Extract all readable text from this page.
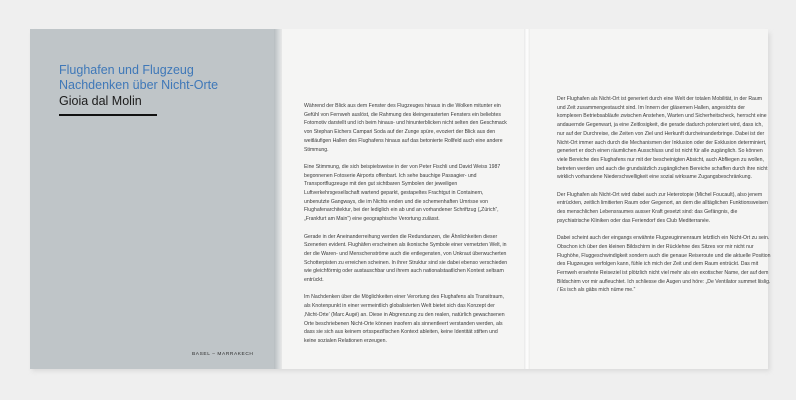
Flughafen und Flugzeug
Nachdenken über Nicht-Orte
Gioia dal Molin
BASEL – MARRAKECH

Während der Blick aus dem Fenster des Flugzeuges hinaus in die Wolken mitunter ein Gefühl von Fernweh auslöst, die Rahmung des kleingerasterten Fensters ein beliebtes Fotomotiv darstellt und ich beim hinaus- und hinunterblicken nicht selten den Geschmack von Stephan Eichers Campari Soda auf der Zunge spüre, evoziert der Blick aus den weitläufigen Hallen des Flughafens hinaus auf das betonierte Rollfeld auch eine andere Stimmung.

Eine Stimmung, die sich beispielsweise in der von Peter Fischli und David Weiss 1987 begonnenen Fotoserie Airports offenbart. Ich sehe bauchige Passagier- und Transportflugzeuge mit den gut sichtbaren Symbolen der jeweiligen Luftverkehrsgesellschaft wartend geparkt, gestapeltes Frachtgut in Containern, unbenutzte Gangways, die im Nichts enden und die schemenhaften Umrisse von Flughafenarchitektur, bei der lediglich ein ab und an vorhandener Schriftzug („Zürich“, „Frankfurt am Main“) eine geographische Verortung zulässt.

Gerade in der Aneinanderreihung werden die Redundanzen, die Ähnlichkeiten dieser Szenerien evident. Flughäfen erscheinen als ikonische Symbole einer vernetzten Welt, in der die Waren- und Menschenströme auch die entlegensten, von Unkraut überwucherten Schotterpisten zu erreichen scheinen. In ihrer Struktur sind sie dabei ebenso verschieden wie gleichförmig oder austauschbar und ihrem auch nationalstaatlichen Kontext seltsam entrückt.

Im Nachdenken über die Möglichkeiten einer Verortung des Flughafens als Transitraum, als Knotenpunkt in einer vermeintlich globalisierten Welt bietet sich das Konzept der ‚Nicht-Orte‘ (Marc Augé) an. Diese in Abgrenzung zu den realen, natürlich gewachsenen Orte beschriebenen Nicht-Orte können insofern als sinnentleert verstanden werden, als dass sie sich aus keinem ortsspezifischen Kontext ableiten, keine Identität stiften und keine sozialen Relationen erzeugen.

Der Flughafen als Nicht-Ort ist generiert durch eine Welt der totalen Mobilität, in der Raum und Zeit zusammengestaucht sind. Im Innern der gläsernen Hallen, angesichts der komplexen Betriebsabläufe zwischen Anstehen, Warten und Sicherheitscheck, herrscht eine andauernde Gegenwart, ja eine Zeitlosigkeit, die gerade dadurch potenziert wird, dass ich, nur auf der Durchreise, die Zeiten von Ziel und Herkunft durcheinanderbringe. Dabei ist der Nicht-Ort immer auch durch die Mechanismen der Inklusion oder der Exklusion determiniert, generiert er doch einen räumlichen Ausschluss und ist nicht für alle zugänglich. So können viele Bereiche des Flughafens nur mit der bescheinigten Absicht, auch Abfliegen zu wollen, betreten werden und auch die grundsätzlich zugänglichen Bereiche schaffen durch ihre nicht wirklich vorhandene Niederschwelligkeit eine sozial wirksame Zugangsbeschränkung.

Der Flughafen als Nicht-Ort wird dabei auch zur Heterotopie (Michel Foucault), also jenem entrückten, zeitlich limitierten Raum oder Gegenort, an dem die alltäglichen Funktionsweisen des menschlichen Lebensraumes ausser Kraft gesetzt sind: das Gefängnis, die psychiatrische Kliniken oder das Feriendorf des Club Mediterranée.

Dabei scheint auch der eingangs erwähnte Flugzeuginnenraum letztlich ein Nicht-Ort zu sein. Obschon ich über den kleinen Bildschirm in der Rücklehne des Sitzes vor mir nicht nur Flughöhe, Fluggeschwindigkeit sondern auch die genaue Reiseroute und die aktuelle Position des Flugzeuges verfolgen kann, fühle ich mich der Zeit und dem Raum entrückt. Das mit Fernweh ersehnte Reiseziel ist plötzlich nicht viel mehr als ein exotischer Name, der auf dem Bildschirm vor mir aufleuchtet. Ich schliesse die Augen und höre: „De Ventilator summet liislig. / Es isch als gäbs mich nüme me.“
